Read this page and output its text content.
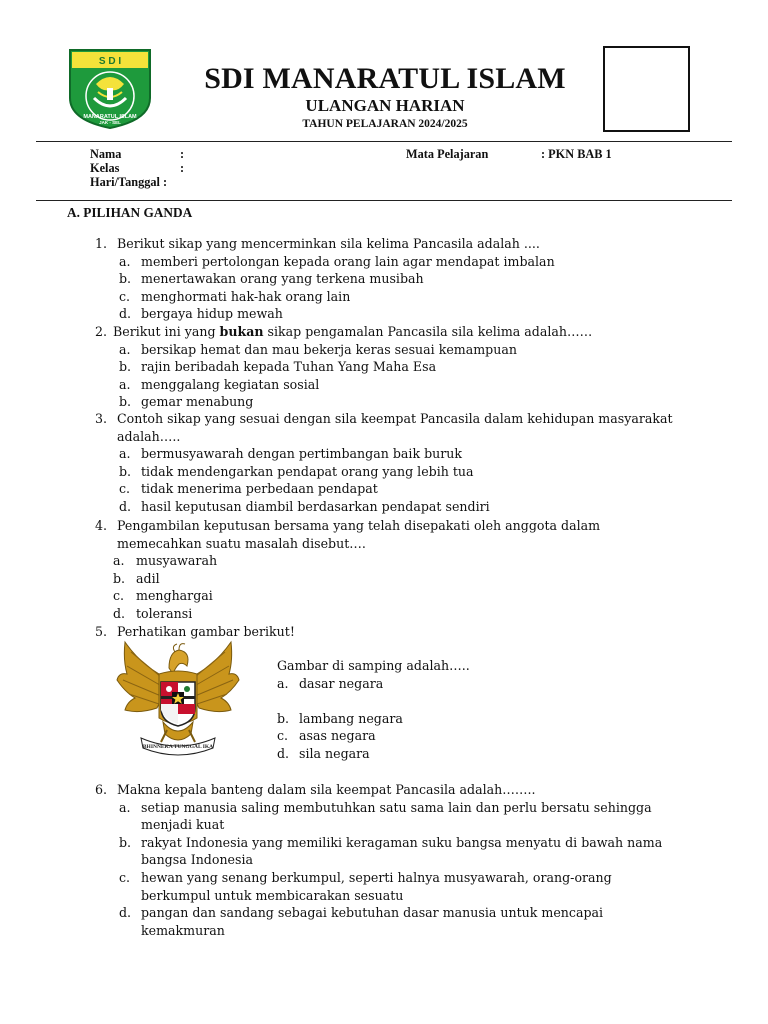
S D I
MANARATUL ISLAM
JAK - SEL
SDI MANARATUL ISLAM
ULANGAN HARIAN
TAHUN PELAJARAN 2024/2025
Nama	:
Kelas	:
Hari/Tanggal :
Mata Pelajaran	: PKN BAB 1
A. PILIHAN GANDA
1. Berikut sikap yang mencerminkan sila kelima Pancasila adalah ....
a. memberi pertolongan kepada orang lain agar mendapat imbalan
b. menertawakan orang yang terkena musibah
c. menghormati hak-hak orang lain
d. bergaya hidup mewah
2. Berikut ini yang bukan sikap pengamalan Pancasila sila kelima adalah……
a. bersikap hemat dan mau bekerja keras sesuai kemampuan
b. rajin beribadah kepada Tuhan Yang Maha Esa
a. menggalang kegiatan sosial
b. gemar menabung
3. Contoh sikap yang sesuai dengan sila keempat Pancasila dalam kehidupan masyarakat
adalah…..
a. bermusyawarah dengan pertimbangan baik buruk
b. tidak mendengarkan pendapat orang yang lebih tua
c. tidak menerima perbedaan pendapat
d. hasil keputusan diambil berdasarkan pendapat sendiri
4. Pengambilan keputusan bersama yang telah disepakati oleh anggota dalam
memecahkan suatu masalah disebut….
a. musyawarah
b. adil
c. menghargai
d. toleransi
5. Perhatikan gambar berikut!
Gambar di samping adalah…..
a. dasar negara
b. lambang negara
c. asas negara
d. sila negara
6. Makna kepala banteng dalam sila keempat Pancasila adalah……..
a. setiap manusia saling membutuhkan satu sama lain dan perlu bersatu sehingga
menjadi kuat
b. rakyat Indonesia yang memiliki keragaman suku bangsa menyatu di bawah nama
bangsa Indonesia
c. hewan yang senang berkumpul, seperti halnya musyawarah, orang-orang
berkumpul untuk membicarakan sesuatu
d. pangan dan sandang sebagai kebutuhan dasar manusia untuk mencapai
kemakmuran
BHINNEKA TUNGGAL IKA
